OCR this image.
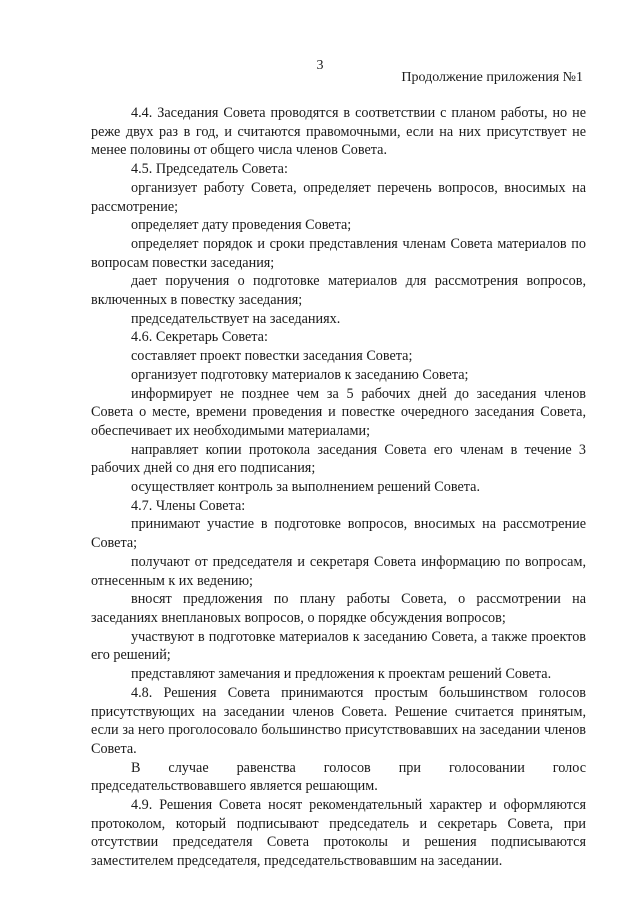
3
Продолжение приложения №1

4.4. Заседания Совета проводятся в соответствии с планом работы, но не реже двух раз в год, и считаются правомочными, если на них присутствует не менее половины от общего числа членов Совета.

4.5. Председатель Совета:

организует работу Совета, определяет перечень вопросов, вносимых на рассмотрение;

определяет дату проведения Совета;

определяет порядок и сроки представления членам Совета материалов по вопросам повестки заседания;

дает поручения о подготовке материалов для рассмотрения вопросов, включенных в повестку заседания;

председательствует на заседаниях.

4.6. Секретарь Совета:

составляет проект повестки заседания Совета;

организует подготовку материалов к заседанию Совета;

информирует не позднее чем за 5 рабочих дней до заседания членов Совета о месте, времени проведения и повестке очередного заседания Совета, обеспечивает их необходимыми материалами;

направляет копии протокола заседания Совета его членам в течение 3 рабочих дней со дня его подписания;

осуществляет контроль за выполнением решений Совета.

4.7. Члены Совета:

принимают участие в подготовке вопросов, вносимых на рассмотрение Совета;

получают от председателя и секретаря Совета информацию по вопросам, отнесенным к их ведению;

вносят предложения по плану работы Совета, о рассмотрении на заседаниях внеплановых вопросов, о порядке обсуждения вопросов;

участвуют в подготовке материалов к заседанию Совета, а также проектов его решений;

представляют замечания и предложения к проектам решений Совета.

4.8. Решения Совета принимаются простым большинством голосов присутствующих на заседании членов Совета. Решение считается принятым, если за него проголосовало большинство присутствовавших на заседании членов Совета.

В случае равенства голосов при голосовании голос председательствовавшего является решающим.

4.9. Решения Совета носят рекомендательный характер и оформляются протоколом, который подписывают председатель и секретарь Совета, при отсутствии председателя Совета протоколы и решения подписываются заместителем председателя, председательствовавшим на заседании.
